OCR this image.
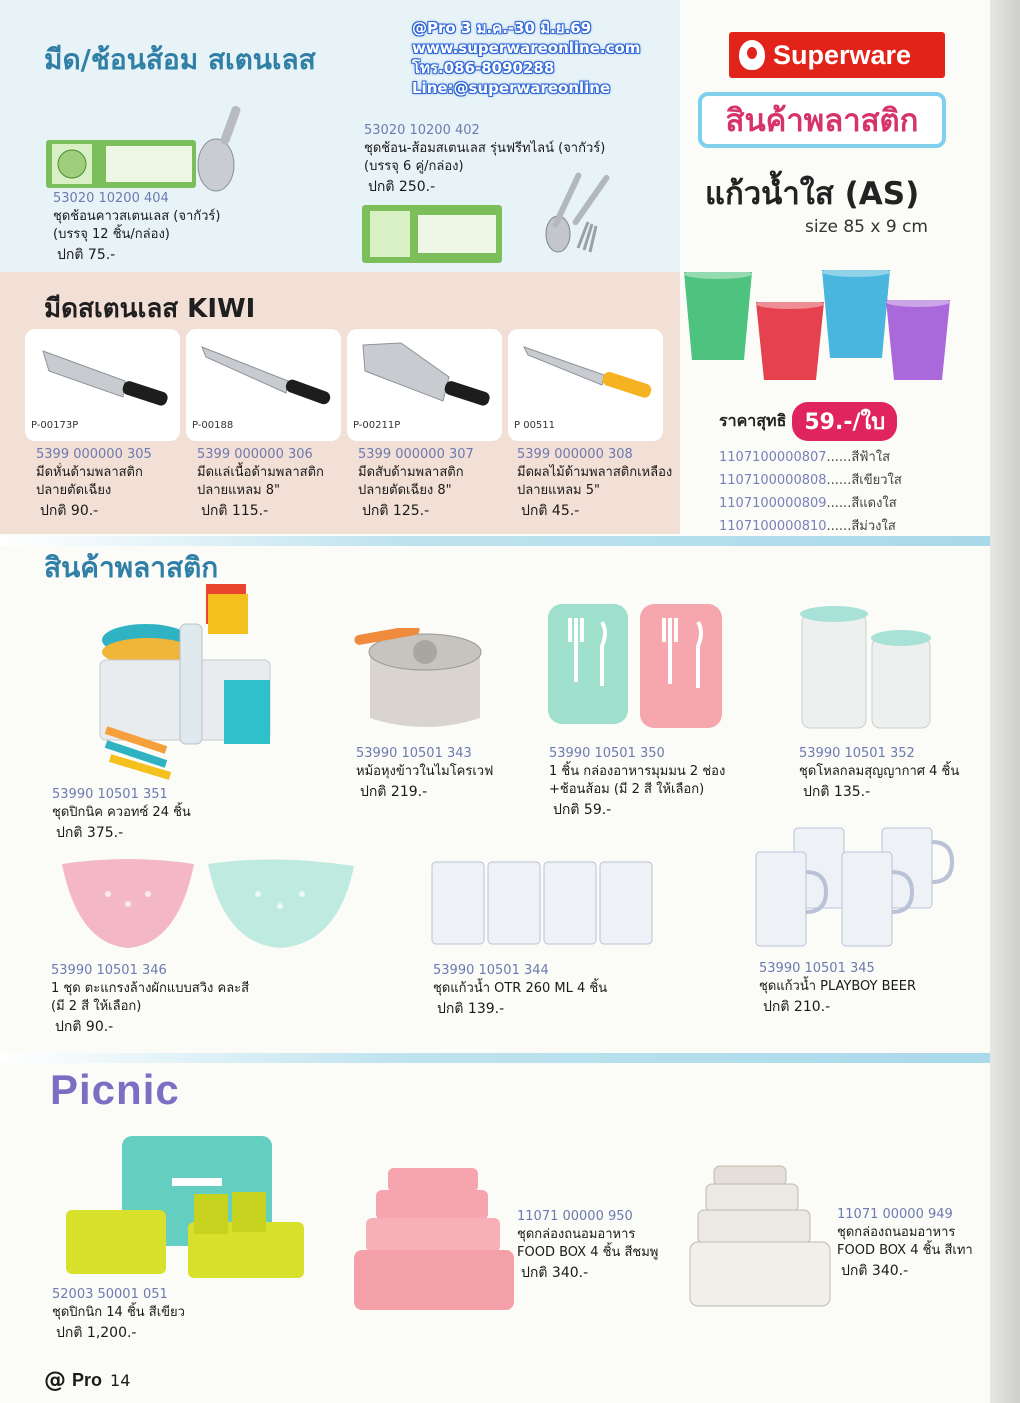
@Pro 3 ม.ค.-30 มิ.ย.69
www.superwareonline.com
โทร.086-8090288
Line:@superwareonline
Superware
มีด/ช้อนส้อม สเตนเลส
53020 10200 404
ชุดช้อนคาวสเตนเลส (จากัวร์)
(บรรจุ 12 ชิ้น/กล่อง)
ปกติ 75.-
53020 10200 402
ชุดช้อน-ส้อมสเตนเลส รุ่นฟรีทไลน์ (จากัวร์)
(บรรจุ 6 คู่/กล่อง)
ปกติ 250.-
มีดสเตนเลส KIWI
P-00173P	P-00188	P-00211P	P 00511
5399 000000 305
มีดหั่นด้ามพลาสติก
ปลายตัดเฉียง
ปกติ 90.-
5399 000000 306
มีดแล่เนื้อด้ามพลาสติก
ปลายแหลม 8"
ปกติ 115.-
5399 000000 307
มีดสับด้ามพลาสติก
ปลายตัดเฉียง 8"
ปกติ 125.-
5399 000000 308
มีดผลไม้ด้ามพลาสติกเหลือง
ปลายแหลม 5"
ปกติ 45.-
สินค้าพลาสติก
แก้วน้ำใส (AS)
size 85 x 9 cm
ราคาสุทธิ 59.-/ใบ
1107100000807......สีฟ้าใส
1107100000808......สีเขียวใส
1107100000809......สีแดงใส
1107100000810......สีม่วงใส
สินค้าพลาสติก
53990 10501 351
ชุดปิกนิค ควอทซ์ 24 ชิ้น
ปกติ 375.-
53990 10501 343
หม้อหุงข้าวในไมโครเวฟ
ปกติ 219.-
53990 10501 350
1 ชิ้น กล่องอาหารมุมมน 2 ช่อง
+ช้อนส้อม (มี 2 สี ให้เลือก)
ปกติ 59.-
53990 10501 352
ชุดโหลกลมสุญญากาศ 4 ชิ้น
ปกติ 135.-
53990 10501 346
1 ชุด ตะแกรงล้างผักแบบสวิง คละสี
(มี 2 สี ให้เลือก)
ปกติ 90.-
53990 10501 344
ชุดแก้วน้ำ OTR 260 ML 4 ชิ้น
ปกติ 139.-
53990 10501 345
ชุดแก้วน้ำ PLAYBOY BEER
ปกติ 210.-
Picnic
52003 50001 051
ชุดปิกนิก 14 ชิ้น สีเขียว
ปกติ 1,200.-
11071 00000 950
ชุดกล่องถนอมอาหาร
FOOD BOX 4 ชิ้น สีชมพู
ปกติ 340.-
11071 00000 949
ชุดกล่องถนอมอาหาร
FOOD BOX 4 ชิ้น สีเทา
ปกติ 340.-
@ Pro 14
